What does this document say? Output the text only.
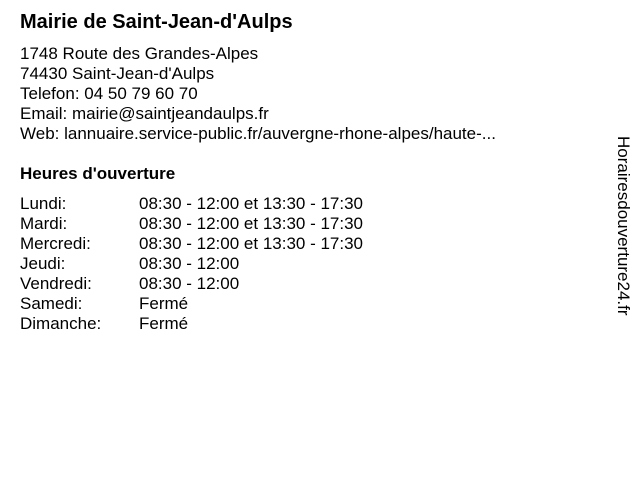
Mairie de Saint-Jean-d'Aulps
1748 Route des Grandes-Alpes
74430 Saint-Jean-d'Aulps
Telefon: 04 50 79 60 70
Email: mairie@saintjeandaulps.fr
Web: lannuaire.service-public.fr/auvergne-rhone-alpes/haute-...
Heures d'ouverture
Lundi:	08:30 - 12:00 et 13:30 - 17:30
Mardi:	08:30 - 12:00 et 13:30 - 17:30
Mercredi:	08:30 - 12:00 et 13:30 - 17:30
Jeudi:	08:30 - 12:00
Vendredi:	08:30 - 12:00
Samedi:	Fermé
Dimanche:	Fermé
Horairesdouverture24.fr
